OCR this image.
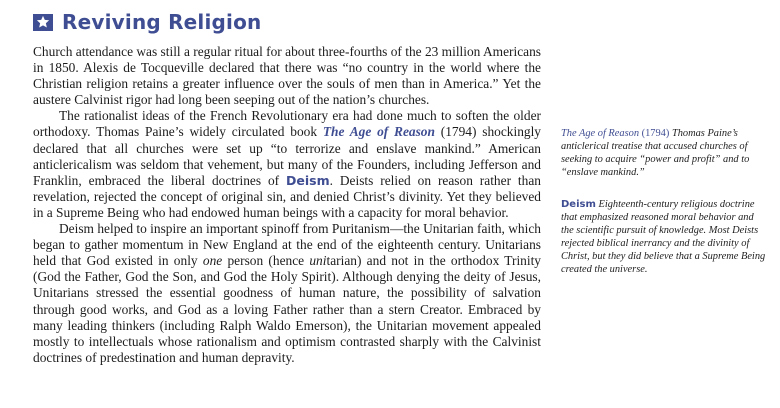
Reviving Religion

Church attendance was still a regular ritual for about three-fourths of the 23 million Americans in 1850. Alexis de Tocqueville declared that there was “no country in the world where the Christian religion retains a greater influence over the souls of men than in America.” Yet the austere Calvinist rigor had long been seeping out of the nation’s churches.

The rationalist ideas of the French Revolutionary era had done much to soften the older orthodoxy. Thomas Paine’s widely circulated book The Age of Reason (1794) shockingly declared that all churches were set up “to terrorize and enslave mankind.” American anticlericalism was seldom that vehement, but many of the Founders, including Jefferson and Franklin, embraced the liberal doctrines of Deism. Deists relied on reason rather than revelation, rejected the concept of original sin, and denied Christ’s divinity. Yet they believed in a Supreme Being who had endowed human beings with a capacity for moral behavior.

Deism helped to inspire an important spinoff from Puritanism—the Unitarian faith, which began to gather momentum in New England at the end of the eighteenth century. Unitarians held that God existed in only one person (hence unitarian) and not in the orthodox Trinity (God the Father, God the Son, and God the Holy Spirit). Although denying the deity of Jesus, Unitarians stressed the essential goodness of human nature, the possibility of salvation through good works, and God as a loving Father rather than a stern Creator. Embraced by many leading thinkers (including Ralph Waldo Emerson), the Unitarian movement appealed mostly to intellectuals whose rationalism and optimism contrasted sharply with the Calvinist doctrines of predestination and human depravity.

The Age of Reason (1794) Thomas Paine’s anticlerical treatise that accused churches of seeking to acquire “power and profit” and to “enslave mankind.”
Deism Eighteenth-century religious doctrine that emphasized reasoned moral behavior and the scientific pursuit of knowledge. Most Deists rejected biblical inerrancy and the divinity of Christ, but they did believe that a Supreme Being created the universe.
